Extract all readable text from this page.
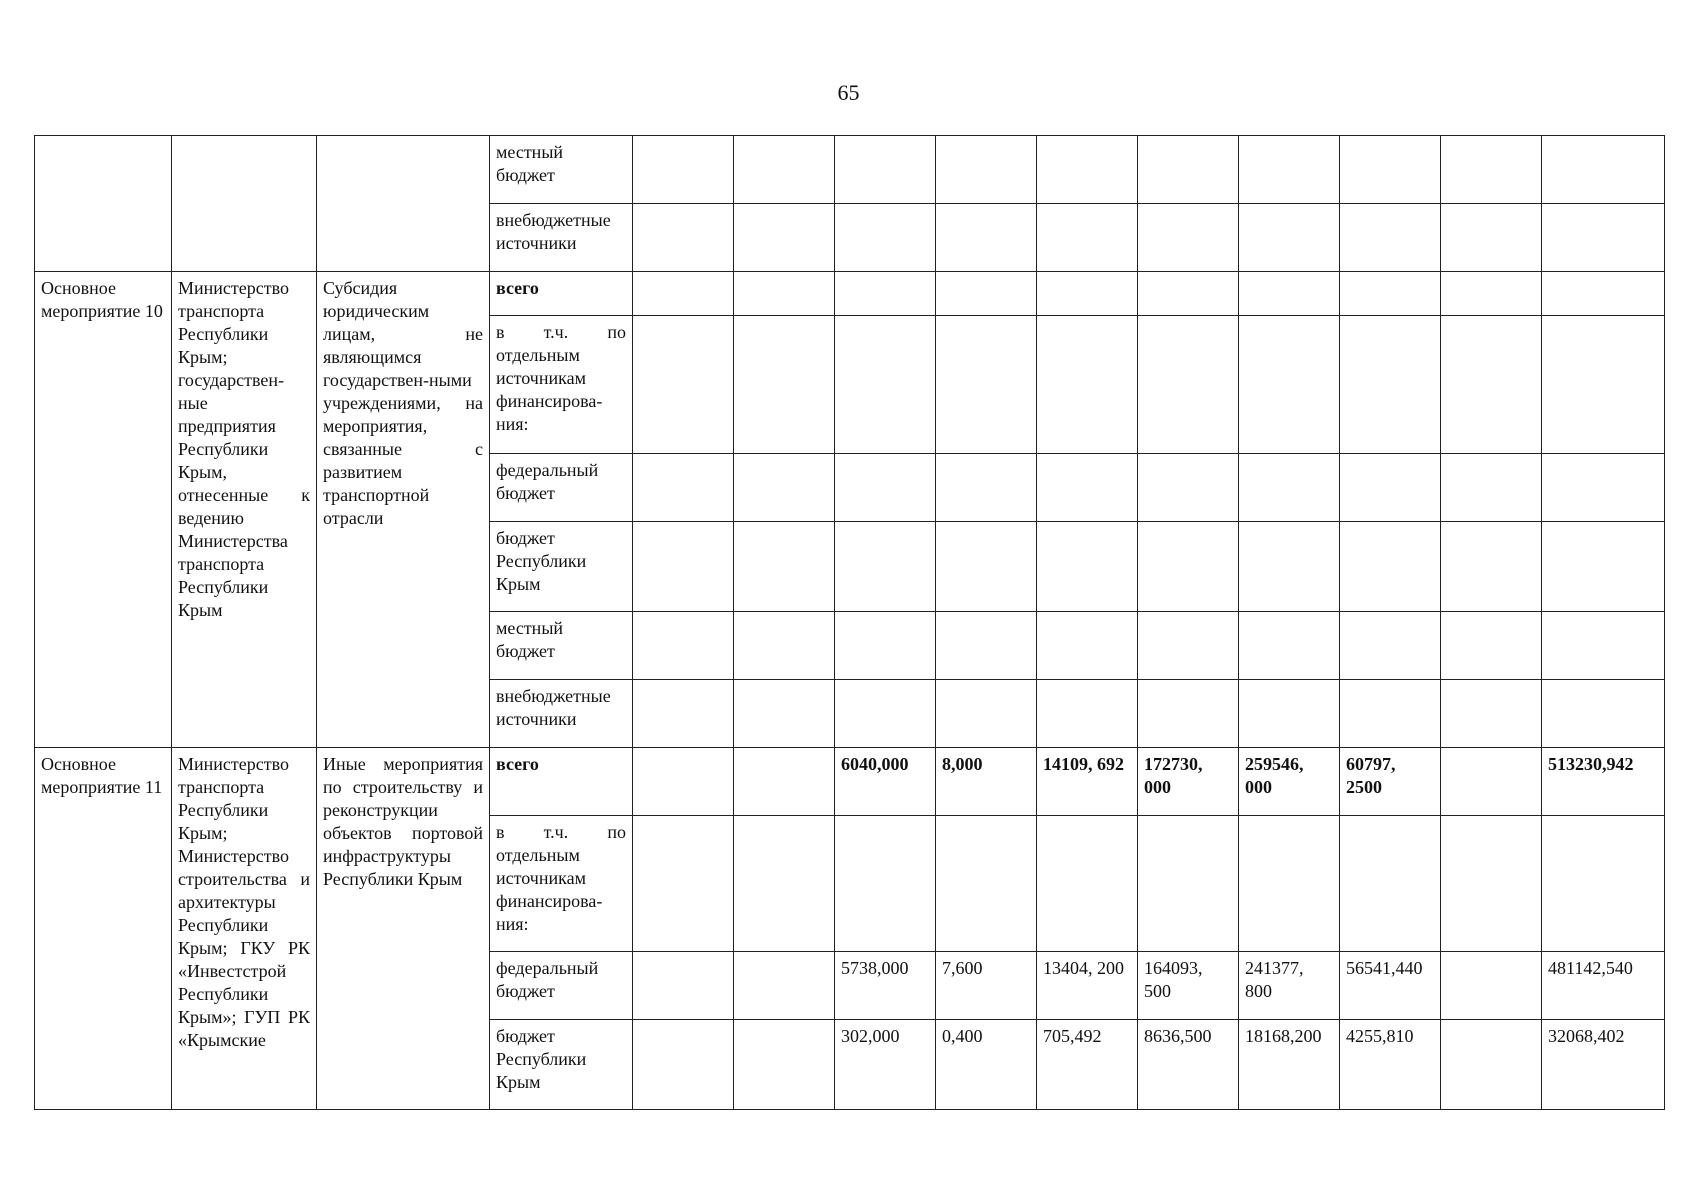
65
			местный бюджет										
			внебюджетные источники										
Основное мероприятие 10	Министерство транспорта Республики Крым; государствен-ные предприятия Республики Крым, отнесенные к ведению Министерства транспорта Республики Крым	Субсидия юридическим лицам, не являющимся государствен-ными учреждениями, на мероприятия, связанные с развитием транспортной отрасли	всего										
			в т.ч. по отдельным источникам финансирова-ния:										
			федеральный бюджет										
			бюджет Республики Крым										
			местный бюджет										
			внебюджетные источники										
Основное мероприятие 11	Министерство транспорта Республики Крым; Министерство строительства и архитектуры Республики Крым; ГКУ РК «Инвестстрой Республики Крым»; ГУП РК «Крымские	Иные мероприятия по строительству и реконструкции объектов портовой инфраструктуры Республики Крым	всего			6040,000	8,000	14109, 692	172730, 000	259546, 000	60797, 2500		513230,942
			в т.ч. по отдельным источникам финансирова-ния:										
			федеральный бюджет			5738,000	7,600	13404, 200	164093, 500	241377, 800	56541,440		481142,540
			бюджет Республики Крым			302,000	0,400	705,492	8636,500	18168,200	4255,810		32068,402
